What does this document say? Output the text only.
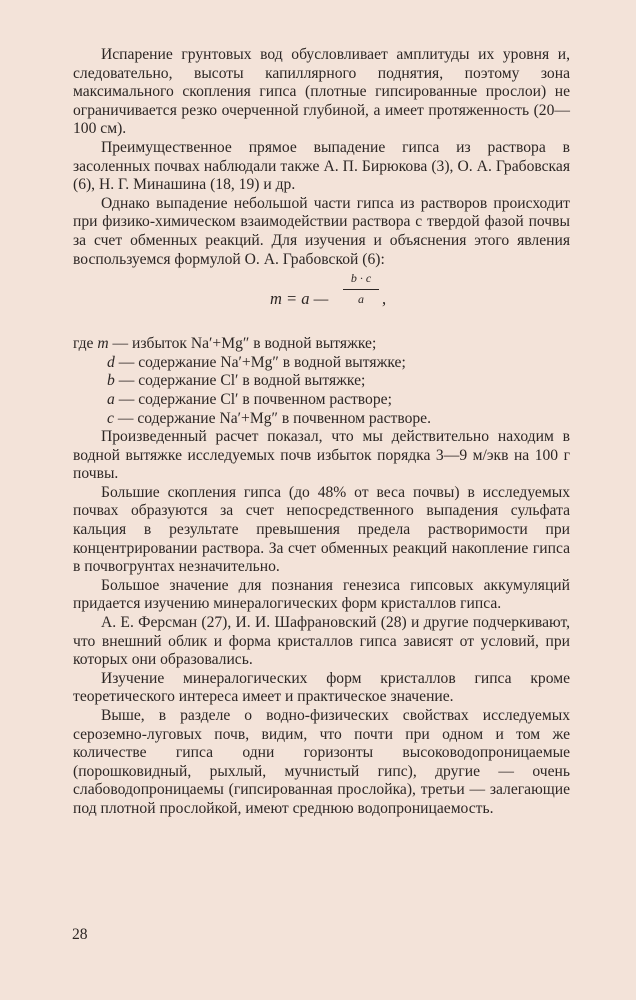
Испарение грунтовых вод обусловливает амплитуды их уровня и, следовательно, высоты капиллярного поднятия, поэтому зона максимального скопления гипса (плотные гипсированные прослои) не ограничивается резко очерченной глубиной, а имеет протяженность (20—100 см).

Преимущественное прямое выпадение гипса из раствора в засоленных почвах наблюдали также А. П. Бирюкова (3), О. А. Грабовская (6), Н. Г. Минашина (18, 19) и др.

Однако выпадение небольшой части гипса из растворов происходит при физико-химическом взаимодействии раствора с твердой фазой почвы за счет обменных реакций. Для изучения и объяснения этого явления воспользуемся формулой О. А. Грабовской (6):

m = a — $\frac{b \cdot c}{a}$ ,
где m — избыток Na′+Mg″ в водной вытяжке;
d — содержание Na′+Mg″ в водной вытяжке;
b — содержание Cl′ в водной вытяжке;
a — содержание Cl′ в почвенном растворе;
c — содержание Na′+Mg″ в почвенном растворе.

Произведенный расчет показал, что мы действительно находим в водной вытяжке исследуемых почв избыток порядка 3—9 м/экв на 100 г почвы.

Большие скопления гипса (до 48% от веса почвы) в исследуемых почвах образуются за счет непосредственного выпадения сульфата кальция в результате превышения предела растворимости при концентрировании раствора. За счет обменных реакций накопление гипса в почвогрунтах незначительно.

Большое значение для познания генезиса гипсовых аккумуляций придается изучению минералогических форм кристаллов гипса.

А. Е. Ферсман (27), И. И. Шафрановский (28) и другие подчеркивают, что внешний облик и форма кристаллов гипса зависят от условий, при которых они образовались.

Изучение минералогических форм кристаллов гипса кроме теоретического интереса имеет и практическое значение.

Выше, в разделе о водно-физических свойствах исследуемых сероземно-луговых почв, видим, что почти при одном и том же количестве гипса одни горизонты высоководопроницаемые (порошковидный, рыхлый, мучнистый гипс), другие — очень слабоводопроницаемы (гипсированная прослойка), третьи — залегающие под плотной прослойкой, имеют среднюю водопроницаемость.

28
